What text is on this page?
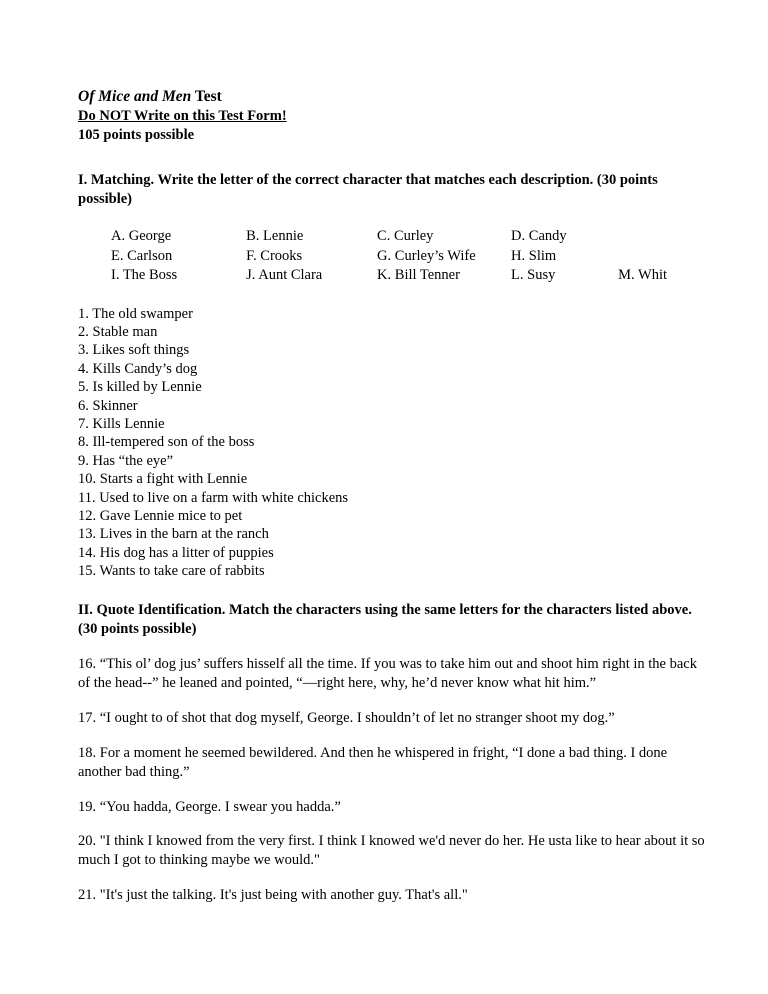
Of Mice and Men Test
Do NOT Write on this Test Form!
105 points possible
I. Matching. Write the letter of the correct character that matches each description. (30 points possible)
A. George	B. Lennie	C. Curley	D. Candy	
E. Carlson	F. Crooks	G. Curley’s Wife	H. Slim	
I. The Boss	J. Aunt Clara	K. Bill Tenner	L. Susy	M. Whit
1. The old swamper
2. Stable man
3. Likes soft things
4. Kills Candy’s dog
5. Is killed by Lennie
6. Skinner
7. Kills Lennie
8. Ill-tempered son of the boss
9. Has “the eye”
10. Starts a fight with Lennie
11. Used to live on a farm with white chickens
12. Gave Lennie mice to pet
13. Lives in the barn at the ranch
14. His dog has a litter of puppies
15. Wants to take care of rabbits
II. Quote Identification. Match the characters using the same letters for the characters listed above. (30 points possible)
16. “This ol’ dog jus’ suffers hisself all the time. If you was to take him out and shoot him right in the back of the head--” he leaned and pointed, “—right here, why, he’d never know what hit him.”
17. “I ought to of shot that dog myself, George. I shouldn’t of let no stranger shoot my dog.”
18. For a moment he seemed bewildered. And then he whispered in fright, “I done a bad thing. I done another bad thing.”
19. “You hadda, George. I swear you hadda.”
20. "I think I knowed from the very first. I think I knowed we'd never do her. He usta like to hear about it so much I got to thinking maybe we would."
21. "It's just the talking. It's just being with another guy. That's all."
